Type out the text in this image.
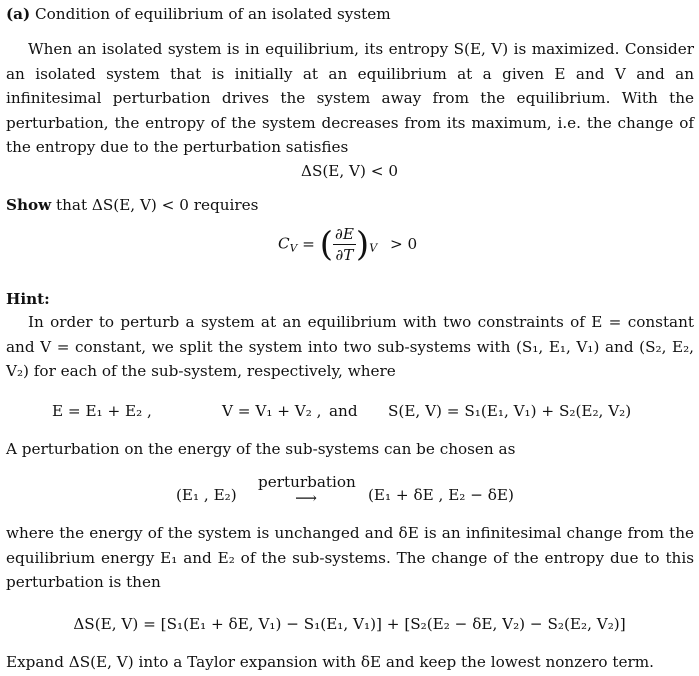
(a) Condition of equilibrium of an isolated system
When an isolated system is in equilibrium, its entropy S(E, V) is maximized. Consider an isolated system that is initially at an equilibrium at a given E and V and an infinitesimal perturbation drives the system away from the equilibrium. With the perturbation, the entropy of the system decreases from its maximum, i.e. the change of the entropy due to the perturbation satisfies
ΔS(E, V) < 0
Show that ΔS(E, V) < 0 requires
$C_V$ = ( $\frac{\partial E}{\partial T} )_V > 0$
Hint:
In order to perturb a system at an equilibrium with two constraints of E = constant and V = constant, we split the system into two sub-systems with (S₁, E₁, V₁) and (S₂, E₂, V₂) for each of the sub-system, respectively, where
E = E₁ + E₂ ,	V = V₁ + V₂ , and S(E, V) = S₁(E₁, V₁) + S₂(E₂, V₂)
A perturbation on the energy of the sub-systems can be chosen as
(E₁ , E₂)
perturbation
⟶	(E₁ + δE , E₂ − δE)
where the energy of the system is unchanged and δE is an infinitesimal change from the equilibrium energy E₁ and E₂ of the sub-systems. The change of the entropy due to this perturbation is then
ΔS(E, V) = [S₁(E₁ + δE, V₁) − S₁(E₁, V₁)] + [S₂(E₂ − δE, V₂) − S₂(E₂, V₂)]
Expand ΔS(E, V) into a Taylor expansion with δE and keep the lowest nonzero term.
